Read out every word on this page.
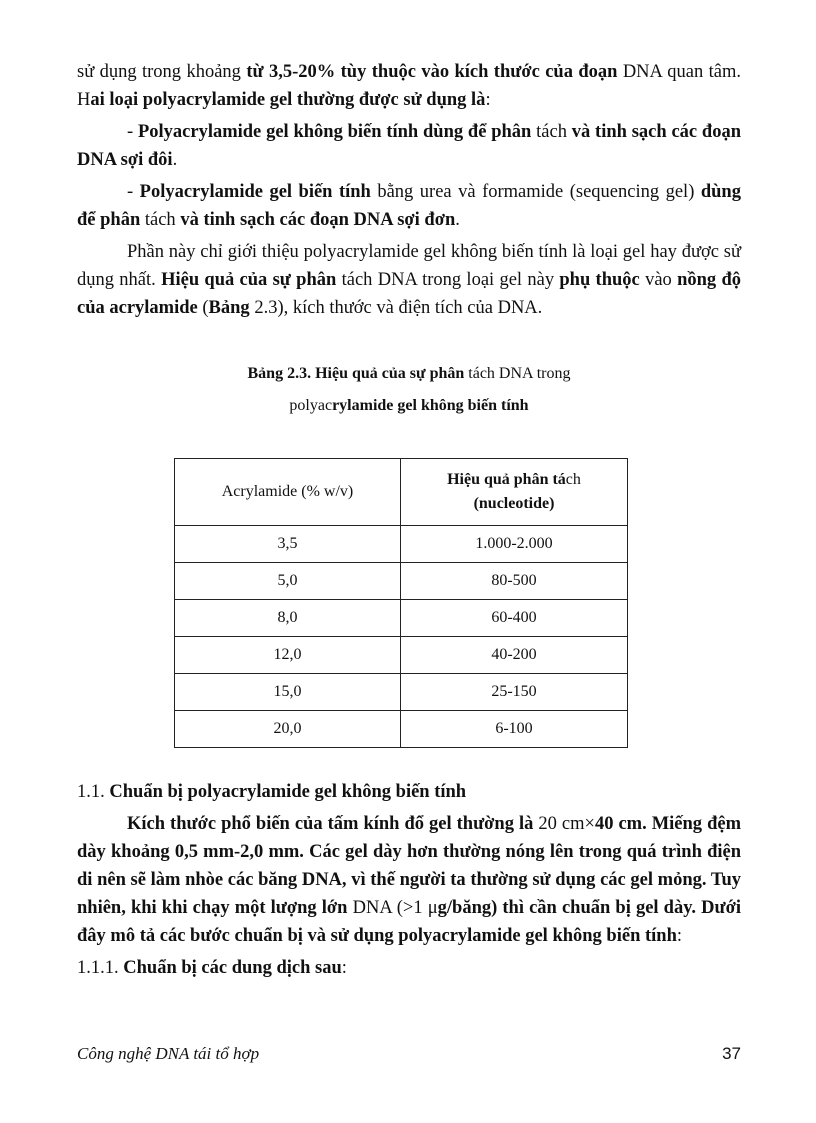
sử dụng trong khoảng từ 3,5-20% tùy thuộc vào kích thước của đoạn DNA quan tâm. Hai loại polyacrylamide gel thường được sử dụng là:

- Polyacrylamide gel không biến tính dùng để phân tách và tinh sạch các đoạn DNA sợi đôi.

- Polyacrylamide gel biến tính bằng urea và formamide (sequencing gel) dùng để phân tách và tinh sạch các đoạn DNA sợi đơn.

Phần này chỉ giới thiệu polyacrylamide gel không biến tính là loại gel hay được sử dụng nhất. Hiệu quả của sự phân tách DNA trong loại gel này phụ thuộc vào nồng độ của acrylamide (Bảng 2.3), kích thước và điện tích của DNA.

Bảng 2.3. Hiệu quả của sự phân tách DNA trong
polyacrylamide gel không biến tính
Acrylamide (% w/v)	Hiệu quả phân tách
(nucleotide)
3,5	1.000-2.000
5,0	80-500
8,0	60-400
12,0	40-200
15,0	25-150
20,0	6-100

1.1. Chuẩn bị polyacrylamide gel không biến tính

Kích thước phổ biến của tấm kính đổ gel thường là 20 cm×40 cm. Miếng đệm dày khoảng 0,5 mm-2,0 mm. Các gel dày hơn thường nóng lên trong quá trình điện di nên sẽ làm nhòe các băng DNA, vì thế người ta thường sử dụng các gel mỏng. Tuy nhiên, khi khi chạy một lượng lớn DNA (>1 μg/băng) thì cần chuẩn bị gel dày. Dưới đây mô tả các bước chuẩn bị và sử dụng polyacrylamide gel không biến tính:

1.1.1. Chuẩn bị các dung dịch sau:

Công nghệ DNA tái tổ hợp	37
